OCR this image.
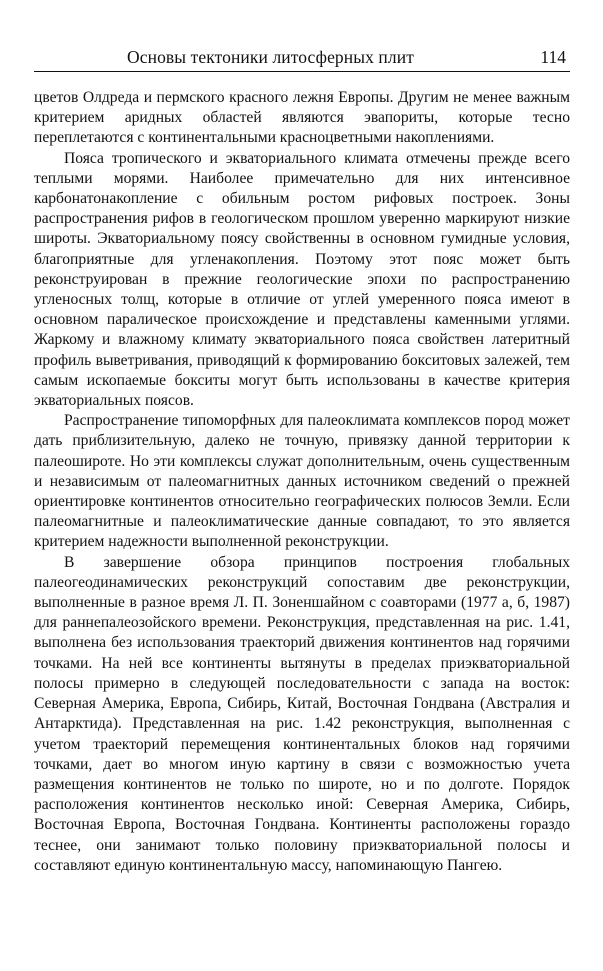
Основы тектоники литосферных плит	114

цветов Олдреда и пермского красного лежня Европы. Другим не менее важным критерием аридных областей являются эвапориты, которые тесно переплетаются с континентальными красноцветными накоплениями.

Пояса тропического и экваториального климата отмечены прежде всего теплыми морями. Наиболее примечательно для них интенсивное карбонатонакопление с обильным ростом рифовых построек. Зоны распространения рифов в геологическом прошлом уверенно маркируют низкие широты. Экваториальному поясу свойственны в основном гумидные условия, благоприятные для угленакопления. Поэтому этот пояс может быть реконструирован в прежние геологические эпохи по распространению угленосных толщ, которые в отличие от углей умеренного пояса имеют в основном паралическое происхождение и представлены каменными углями. Жаркому и влажному климату экваториального пояса свойствен латеритный профиль выветривания, приводящий к формированию бокситовых залежей, тем самым ископаемые бокситы могут быть использованы в качестве критерия экваториальных поясов.

Распространение типоморфных для палеоклимата комплексов пород может дать приблизительную, далеко не точную, привязку данной территории к палеошироте. Но эти комплексы служат дополнительным, очень существенным и независимым от палеомагнитных данных источником сведений о прежней ориентировке континентов относительно географических полюсов Земли. Если палеомагнитные и палеоклиматические данные совпадают, то это является критерием надежности выполненной реконструкции.

В завершение обзора принципов построения глобальных палеогеодинамических реконструкций сопоставим две реконструкции, выполненные в разное время Л. П. Зоненшайном с соавторами (1977 а, б, 1987) для раннепалеозойского времени. Реконструкция, представленная на рис. 1.41, выполнена без использования траекторий движения континентов над горячими точками. На ней все континенты вытянуты в пределах приэкваториальной полосы примерно в следующей последовательности с запада на восток: Северная Америка, Европа, Сибирь, Китай, Восточная Гондвана (Австралия и Антарктида). Представленная на рис. 1.42 реконструкция, выполненная с учетом траекторий перемещения континентальных блоков над горячими точками, дает во многом иную картину в связи с возможностью учета размещения континентов не только по широте, но и по долготе. Порядок расположения континентов несколько иной: Северная Америка, Сибирь, Восточная Европа, Восточная Гондвана. Континенты расположены гораздо теснее, они занимают только половину приэкваториальной полосы и составляют единую континентальную массу, напоминающую Пангею.
